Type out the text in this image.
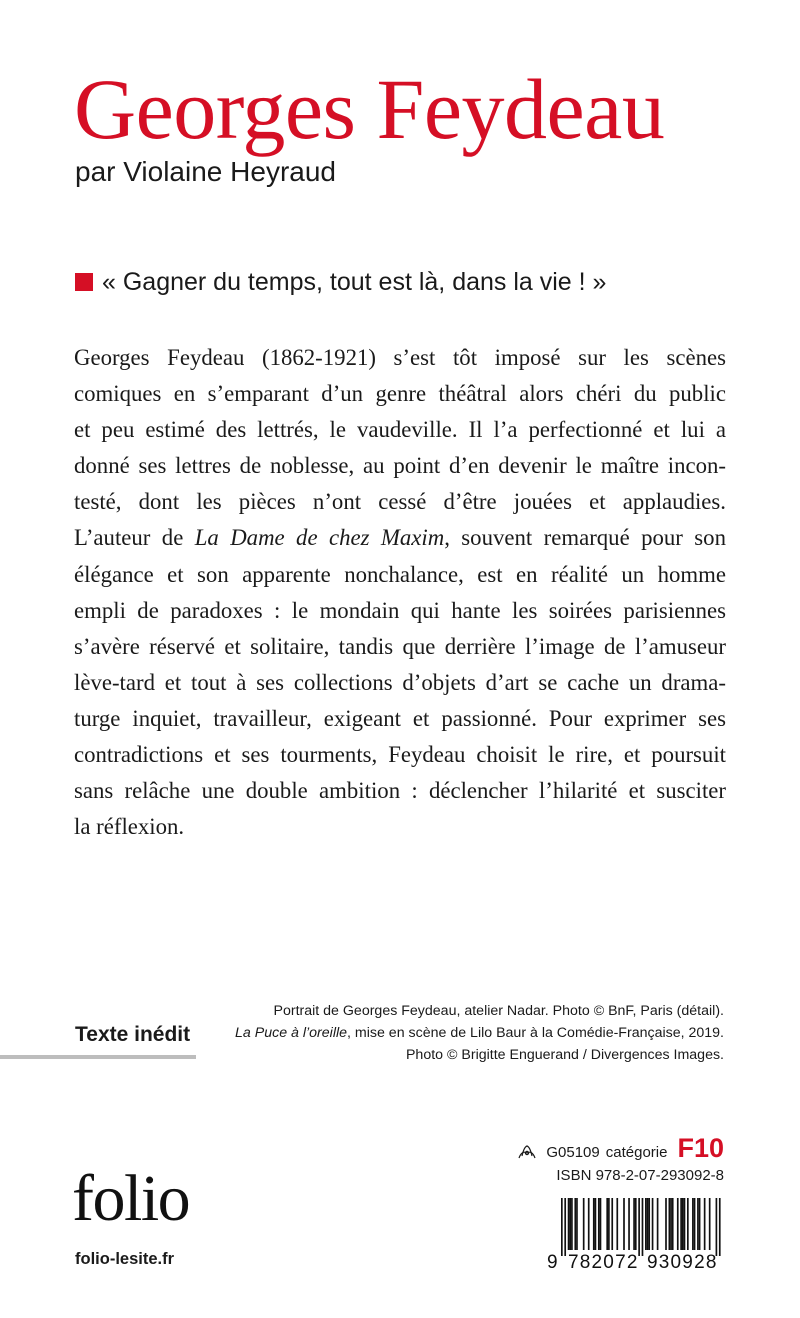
Georges Feydeau
par Violaine Heyraud
« Gagner du temps, tout est là, dans la vie ! »
Georges Feydeau (1862-1921) s’est tôt imposé sur les scènes
comiques en s’emparant d’un genre théâtral alors chéri du public
et peu estimé des lettrés, le vaudeville. Il l’a perfectionné et lui a
donné ses lettres de noblesse, au point d’en devenir le maître incon-
testé, dont les pièces n’ont cessé d’être jouées et applaudies.
L’auteur de La Dame de chez Maxim, souvent remarqué pour son
élégance et son apparente nonchalance, est en réalité un homme
empli de paradoxes : le mondain qui hante les soirées parisiennes
s’avère réservé et solitaire, tandis que derrière l’image de l’amuseur
lève-tard et tout à ses collections d’objets d’art se cache un drama-
turge inquiet, travailleur, exigeant et passionné. Pour exprimer ses
contradictions et ses tourments, Feydeau choisit le rire, et poursuit
sans relâche une double ambition : déclencher l’hilarité et susciter
la réflexion.
Portrait de Georges Feydeau, atelier Nadar. Photo © BnF, Paris (détail).
La Puce à l’oreille, mise en scène de Lilo Baur à la Comédie-Française, 2019.
Photo © Brigitte Enguerand / Divergences Images.
Texte inédit
G05109 catégorie F10
ISBN 978-2-07-293092-8
folio
folio-lesite.fr	9 782072 930928
